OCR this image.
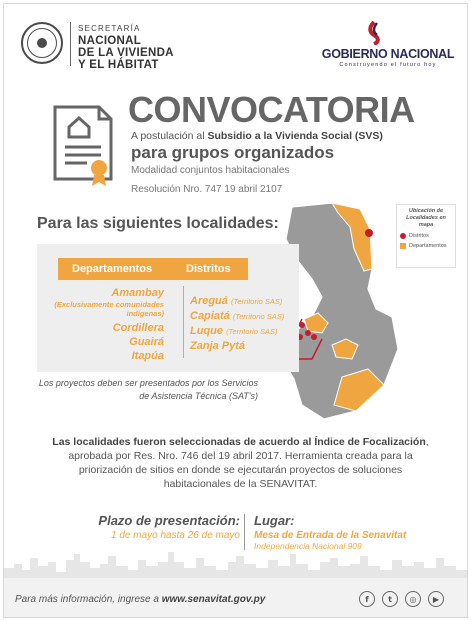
SECRETARÍA
NACIONAL
DE LA VIVIENDA
Y EL HÁBITAT
GOBIERNO NACIONAL
Construyendo el futuro hoy
CONVOCATORIA
A postulación al Subsidio a la Vivienda Social (SVS)
para grupos organizados
Modalidad conjuntos habitacionales
Resolución Nro. 747 19 abril 2107
Ubicación de Localidades en mapa
Distritos
Departamentos
Para las siguientes localidades:
Departamentos	Distritos
Amambay
(Exclusivamente comunidades indígenas)
Cordillera
Guairá
Itapúa
Areguá (Territorio SAS)
Capiatá (Territorio SAS)
Luque (Territorio SAS)
Zanja Pytá
Los proyectos deben ser presentados por los Servicios
de Asistencia Técnica (SAT's)
Las localidades fueron seleccionadas de acuerdo al Índice de Focalización, aprobada por Res. Nro. 746 del 19 abril 2017. Herramienta creada para la priorización de sitios en donde se ejecutarán proyectos de soluciones habitacionales de la SENAVITAT.
Plazo de presentación:
1 de mayo hasta 26 de mayo
Lugar:
Mesa de Entrada de la Senavitat
Independencia Nacional 909
Para más información, ingrese a www.senavitat.gov.py	f	t	◎	▶
